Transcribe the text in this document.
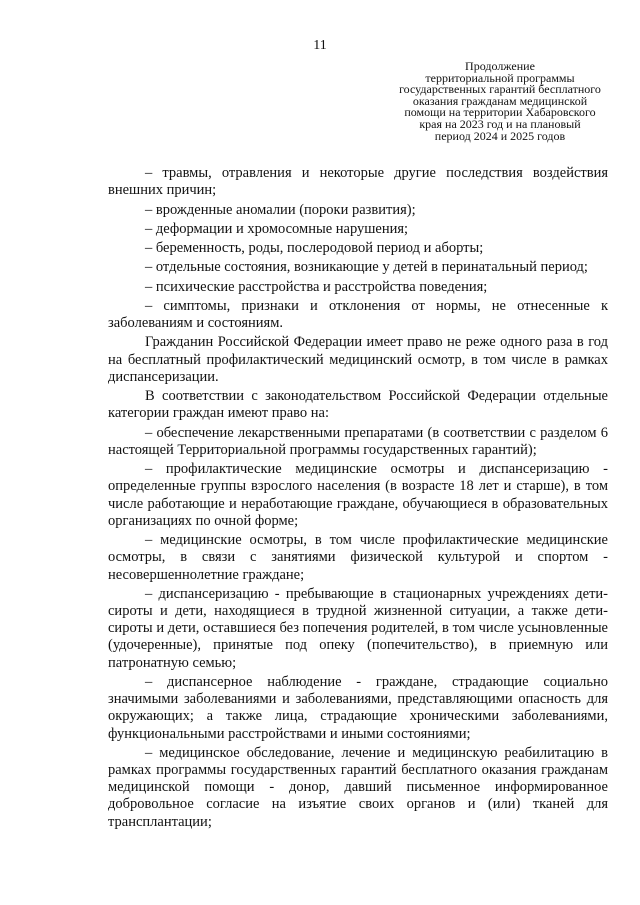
11
Продолжение
территориальной программы
государственных гарантий бесплатного
оказания гражданам медицинской
помощи на территории Хабаровского
края на 2023 год и на плановый
период 2024 и 2025 годов

– травмы, отравления и некоторые другие последствия воздействия внешних причин;

– врожденные аномалии (пороки развития);

– деформации и хромосомные нарушения;

– беременность, роды, послеродовой период и аборты;

– отдельные состояния, возникающие у детей в перинатальный период;

– психические расстройства и расстройства поведения;

– симптомы, признаки и отклонения от нормы, не отнесенные к заболеваниям и состояниям.

Гражданин Российской Федерации имеет право не реже одного раза в год на бесплатный профилактический медицинский осмотр, в том числе в рамках диспансеризации.

В соответствии с законодательством Российской Федерации отдельные категории граждан имеют право на:

– обеспечение лекарственными препаратами (в соответствии с разделом 6 настоящей Территориальной программы государственных гарантий);

– профилактические медицинские осмотры и диспансеризацию - определенные группы взрослого населения (в возрасте 18 лет и старше), в том числе работающие и неработающие граждане, обучающиеся в образовательных организациях по очной форме;

– медицинские осмотры, в том числе профилактические медицинские осмотры, в связи с занятиями физической культурой и спортом - несовершеннолетние граждане;

– диспансеризацию - пребывающие в стационарных учреждениях дети-сироты и дети, находящиеся в трудной жизненной ситуации, а также дети-сироты и дети, оставшиеся без попечения родителей, в том числе усыновленные (удочеренные), принятые под опеку (попечительство), в приемную или патронатную семью;

– диспансерное наблюдение - граждане, страдающие социально значимыми заболеваниями и заболеваниями, представляющими опасность для окружающих; а также лица, страдающие хроническими заболеваниями, функциональными расстройствами и иными состояниями;

– медицинское обследование, лечение и медицинскую реабилитацию в рамках программы государственных гарантий бесплатного оказания гражданам медицинской помощи - донор, давший письменное информированное добровольное согласие на изъятие своих органов и (или) тканей для трансплантации;
